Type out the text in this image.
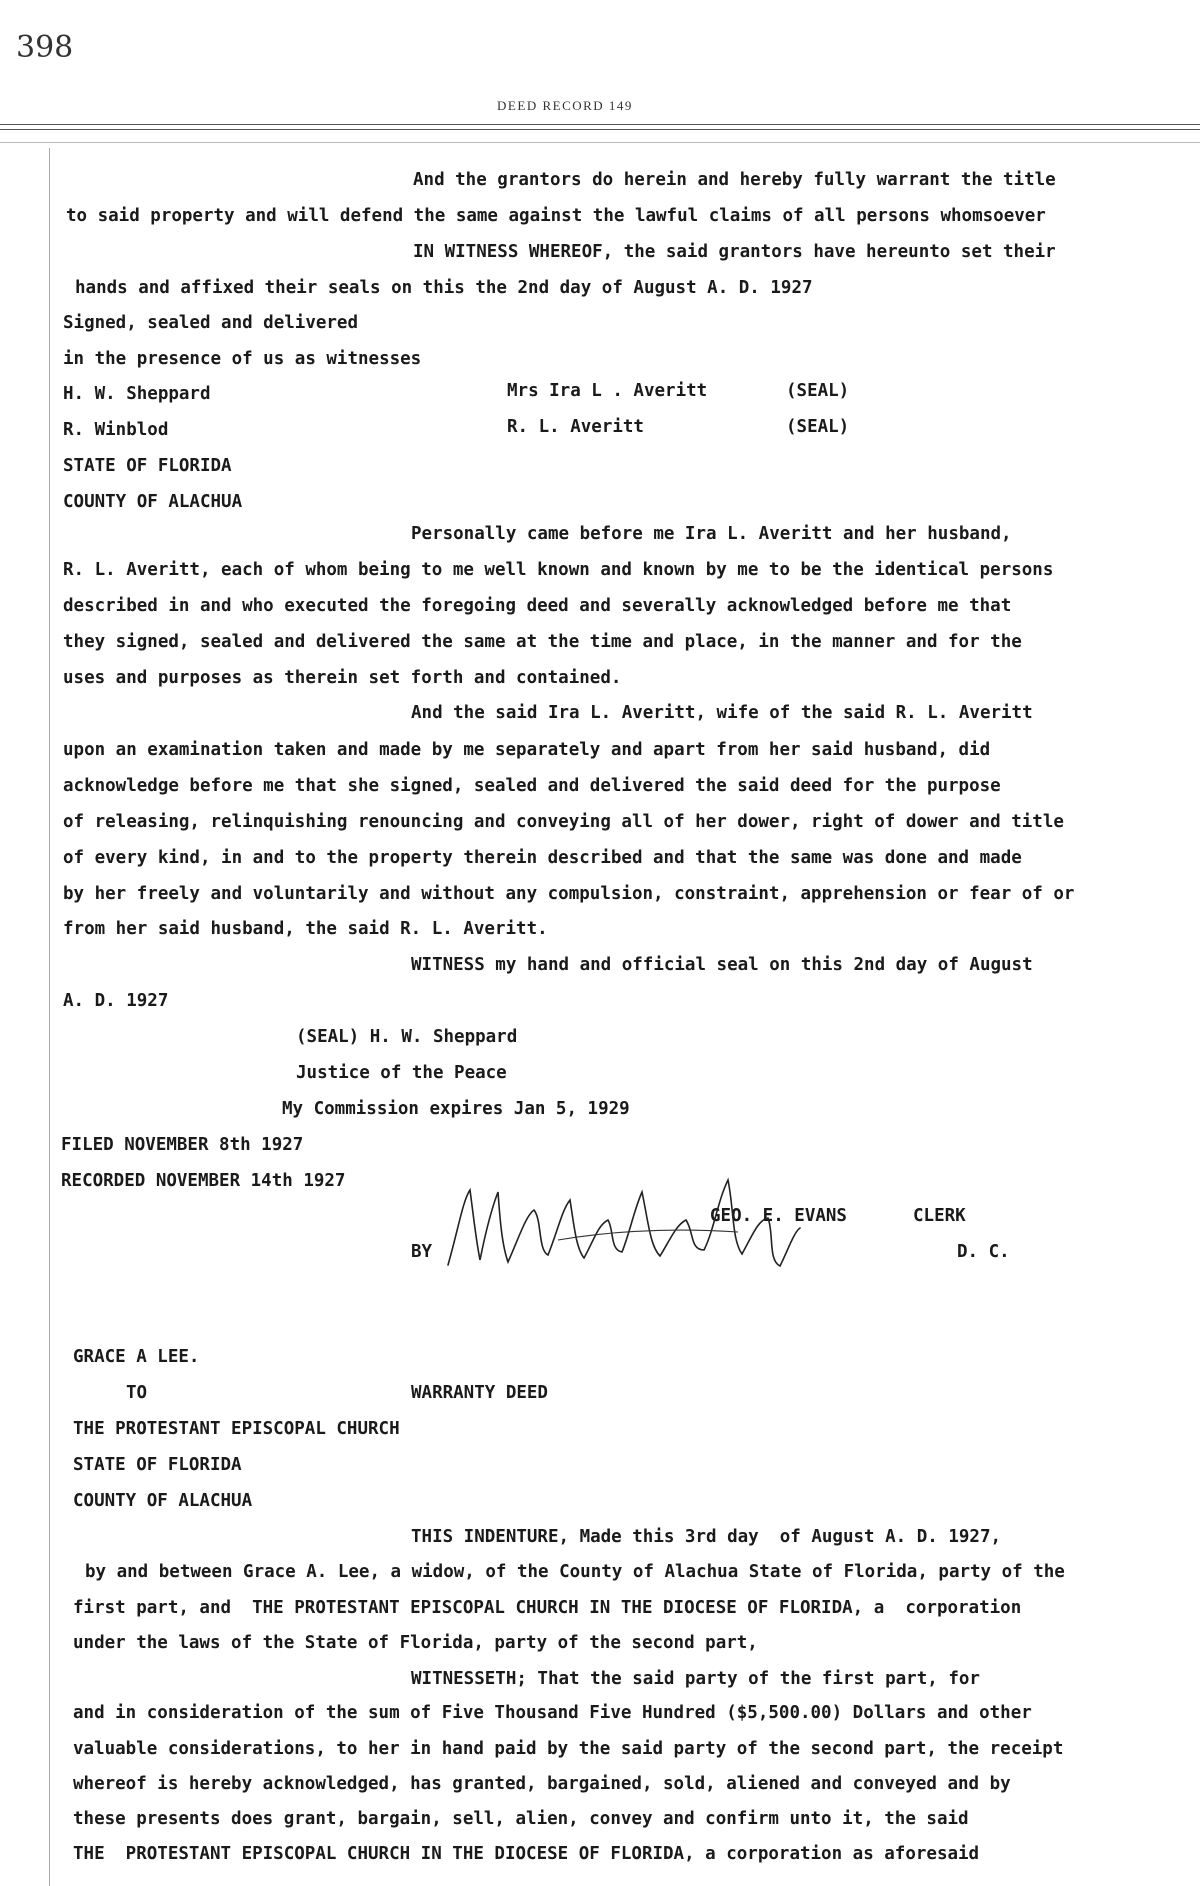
398
DEED RECORD 149
And the grantors do herein and hereby fully warrant the title
to said property and will defend the same against the lawful claims of all persons whomsoever
IN WITNESS WHEREOF, the said grantors have hereunto set their
hands and affixed their seals on this the 2nd day of August A. D. 1927
Signed, sealed and delivered
in the presence of us as witnesses
H. W. Sheppard	Mrs Ira L . Averitt	(SEAL)
R. Winblod	R. L. Averitt	(SEAL)
STATE OF FLORIDA
COUNTY OF ALACHUA
Personally came before me Ira L. Averitt and her husband,
R. L. Averitt, each of whom being to me well known and known by me to be the identical persons
described in and who executed the foregoing deed and severally acknowledged before me that
they signed, sealed and delivered the same at the time and place, in the manner and for the
uses and purposes as therein set forth and contained.
And the said Ira L. Averitt, wife of the said R. L. Averitt
upon an examination taken and made by me separately and apart from her said husband, did
acknowledge before me that she signed, sealed and delivered the said deed for the purpose
of releasing, relinquishing renouncing and conveying all of her dower, right of dower and title
of every kind, in and to the property therein described and that the same was done and made
by her freely and voluntarily and without any compulsion, constraint, apprehension or fear of or
from her said husband, the said R. L. Averitt.
WITNESS my hand and official seal on this 2nd day of August
A. D. 1927
(SEAL) H. W. Sheppard
Justice of the Peace
My Commission expires Jan 5, 1929
FILED NOVEMBER 8th 1927
RECORDED NOVEMBER 14th 1927
GEO. E. EVANS	CLERK
BY	D. C.
GRACE A LEE.
TO	WARRANTY DEED
THE PROTESTANT EPISCOPAL CHURCH
STATE OF FLORIDA
COUNTY OF ALACHUA
THIS INDENTURE, Made this 3rd day  of August A. D. 1927,
by and between Grace A. Lee, a widow, of the County of Alachua State of Florida, party of the
first part, and  THE PROTESTANT EPISCOPAL CHURCH IN THE DIOCESE OF FLORIDA, a  corporation
under the laws of the State of Florida, party of the second part,
WITNESSETH; That the said party of the first part, for
and in consideration of the sum of Five Thousand Five Hundred ($5,500.00) Dollars and other
valuable considerations, to her in hand paid by the said party of the second part, the receipt
whereof is hereby acknowledged, has granted, bargained, sold, aliened and conveyed and by
these presents does grant, bargain, sell, alien, convey and confirm unto it, the said
THE  PROTESTANT EPISCOPAL CHURCH IN THE DIOCESE OF FLORIDA, a corporation as aforesaid
